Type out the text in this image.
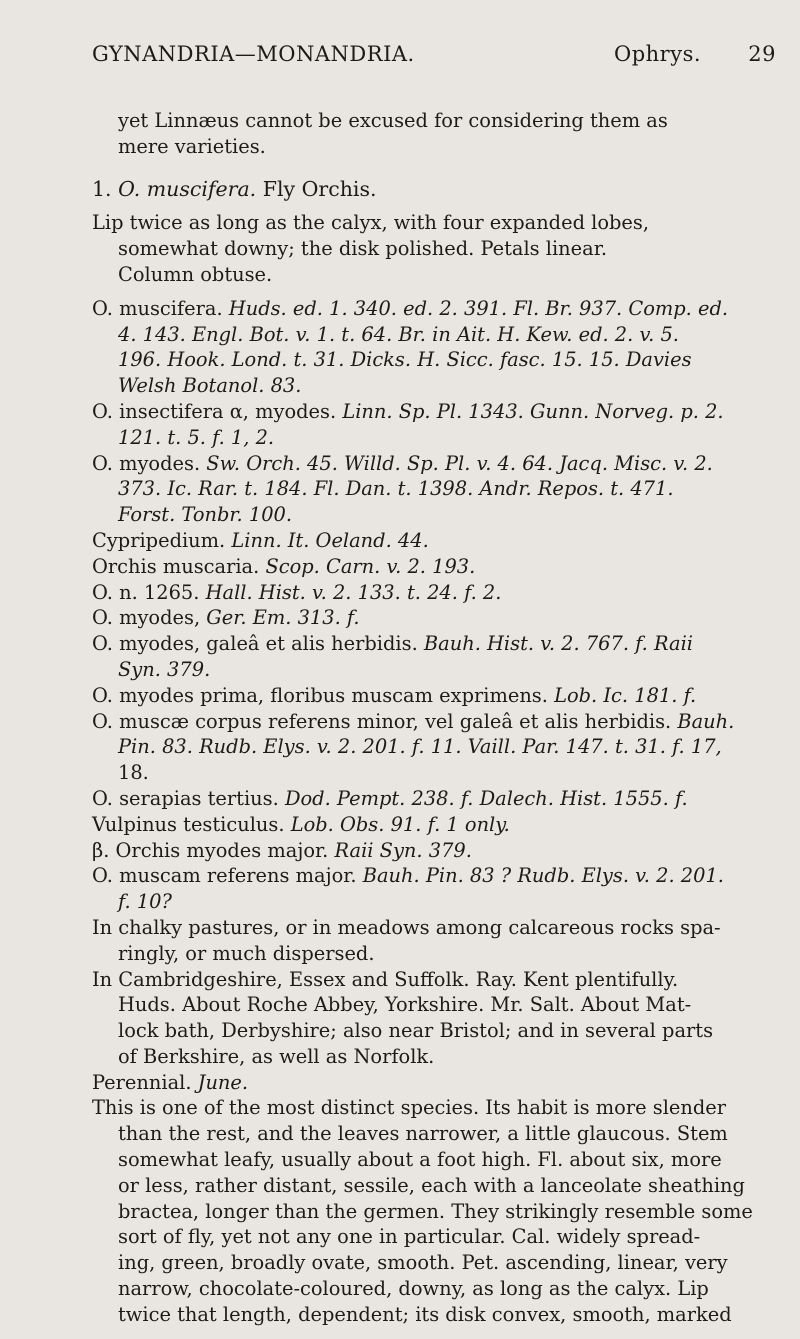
GYNANDRIA—MONANDRIA.	Ophrys. 29

yet Linnæus cannot be excused for considering them as

mere varieties.

1. O. muscifera. Fly Orchis.

Lip twice as long as the calyx, with four expanded lobes,

somewhat downy; the disk polished. Petals linear.

Column obtuse.

O. muscifera. Huds. ed. 1. 340. ed. 2. 391. Fl. Br. 937. Comp. ed.

4. 143. Engl. Bot. v. 1. t. 64. Br. in Ait. H. Kew. ed. 2. v. 5.

196. Hook. Lond. t. 31. Dicks. H. Sicc. fasc. 15. 15. Davies

Welsh Botanol. 83.

O. insectifera α, myodes. Linn. Sp. Pl. 1343. Gunn. Norveg. p. 2.

121. t. 5. f. 1, 2.

O. myodes. Sw. Orch. 45. Willd. Sp. Pl. v. 4. 64. Jacq. Misc. v. 2.

373. Ic. Rar. t. 184. Fl. Dan. t. 1398. Andr. Repos. t. 471.

Forst. Tonbr. 100.

Cypripedium. Linn. It. Oeland. 44.

Orchis muscaria. Scop. Carn. v. 2. 193.

O. n. 1265. Hall. Hist. v. 2. 133. t. 24. f. 2.

O. myodes, Ger. Em. 313. f.

O. myodes, galeâ et alis herbidis. Bauh. Hist. v. 2. 767. f. Raii

Syn. 379.

O. myodes prima, floribus muscam exprimens. Lob. Ic. 181. f.

O. muscæ corpus referens minor, vel galeâ et alis herbidis. Bauh.

Pin. 83. Rudb. Elys. v. 2. 201. f. 11. Vaill. Par. 147. t. 31. f. 17,

18.

O. serapias tertius. Dod. Pempt. 238. f. Dalech. Hist. 1555. f.

Vulpinus testiculus. Lob. Obs. 91. f. 1 only.

β. Orchis myodes major. Raii Syn. 379.

O. muscam referens major. Bauh. Pin. 83 ? Rudb. Elys. v. 2. 201.

f. 10?

In chalky pastures, or in meadows among calcareous rocks spa-

ringly, or much dispersed.

In Cambridgeshire, Essex and Suffolk. Ray. Kent plentifully.

Huds. About Roche Abbey, Yorkshire. Mr. Salt. About Mat-

lock bath, Derbyshire; also near Bristol; and in several parts

of Berkshire, as well as Norfolk.

Perennial. June.

This is one of the most distinct species. Its habit is more slender

than the rest, and the leaves narrower, a little glaucous. Stem

somewhat leafy, usually about a foot high. Fl. about six, more

or less, rather distant, sessile, each with a lanceolate sheathing

bractea, longer than the germen. They strikingly resemble some

sort of fly, yet not any one in particular. Cal. widely spread-

ing, green, broadly ovate, smooth. Pet. ascending, linear, very

narrow, chocolate-coloured, downy, as long as the calyx. Lip

twice that length, dependent; its disk convex, smooth, marked
